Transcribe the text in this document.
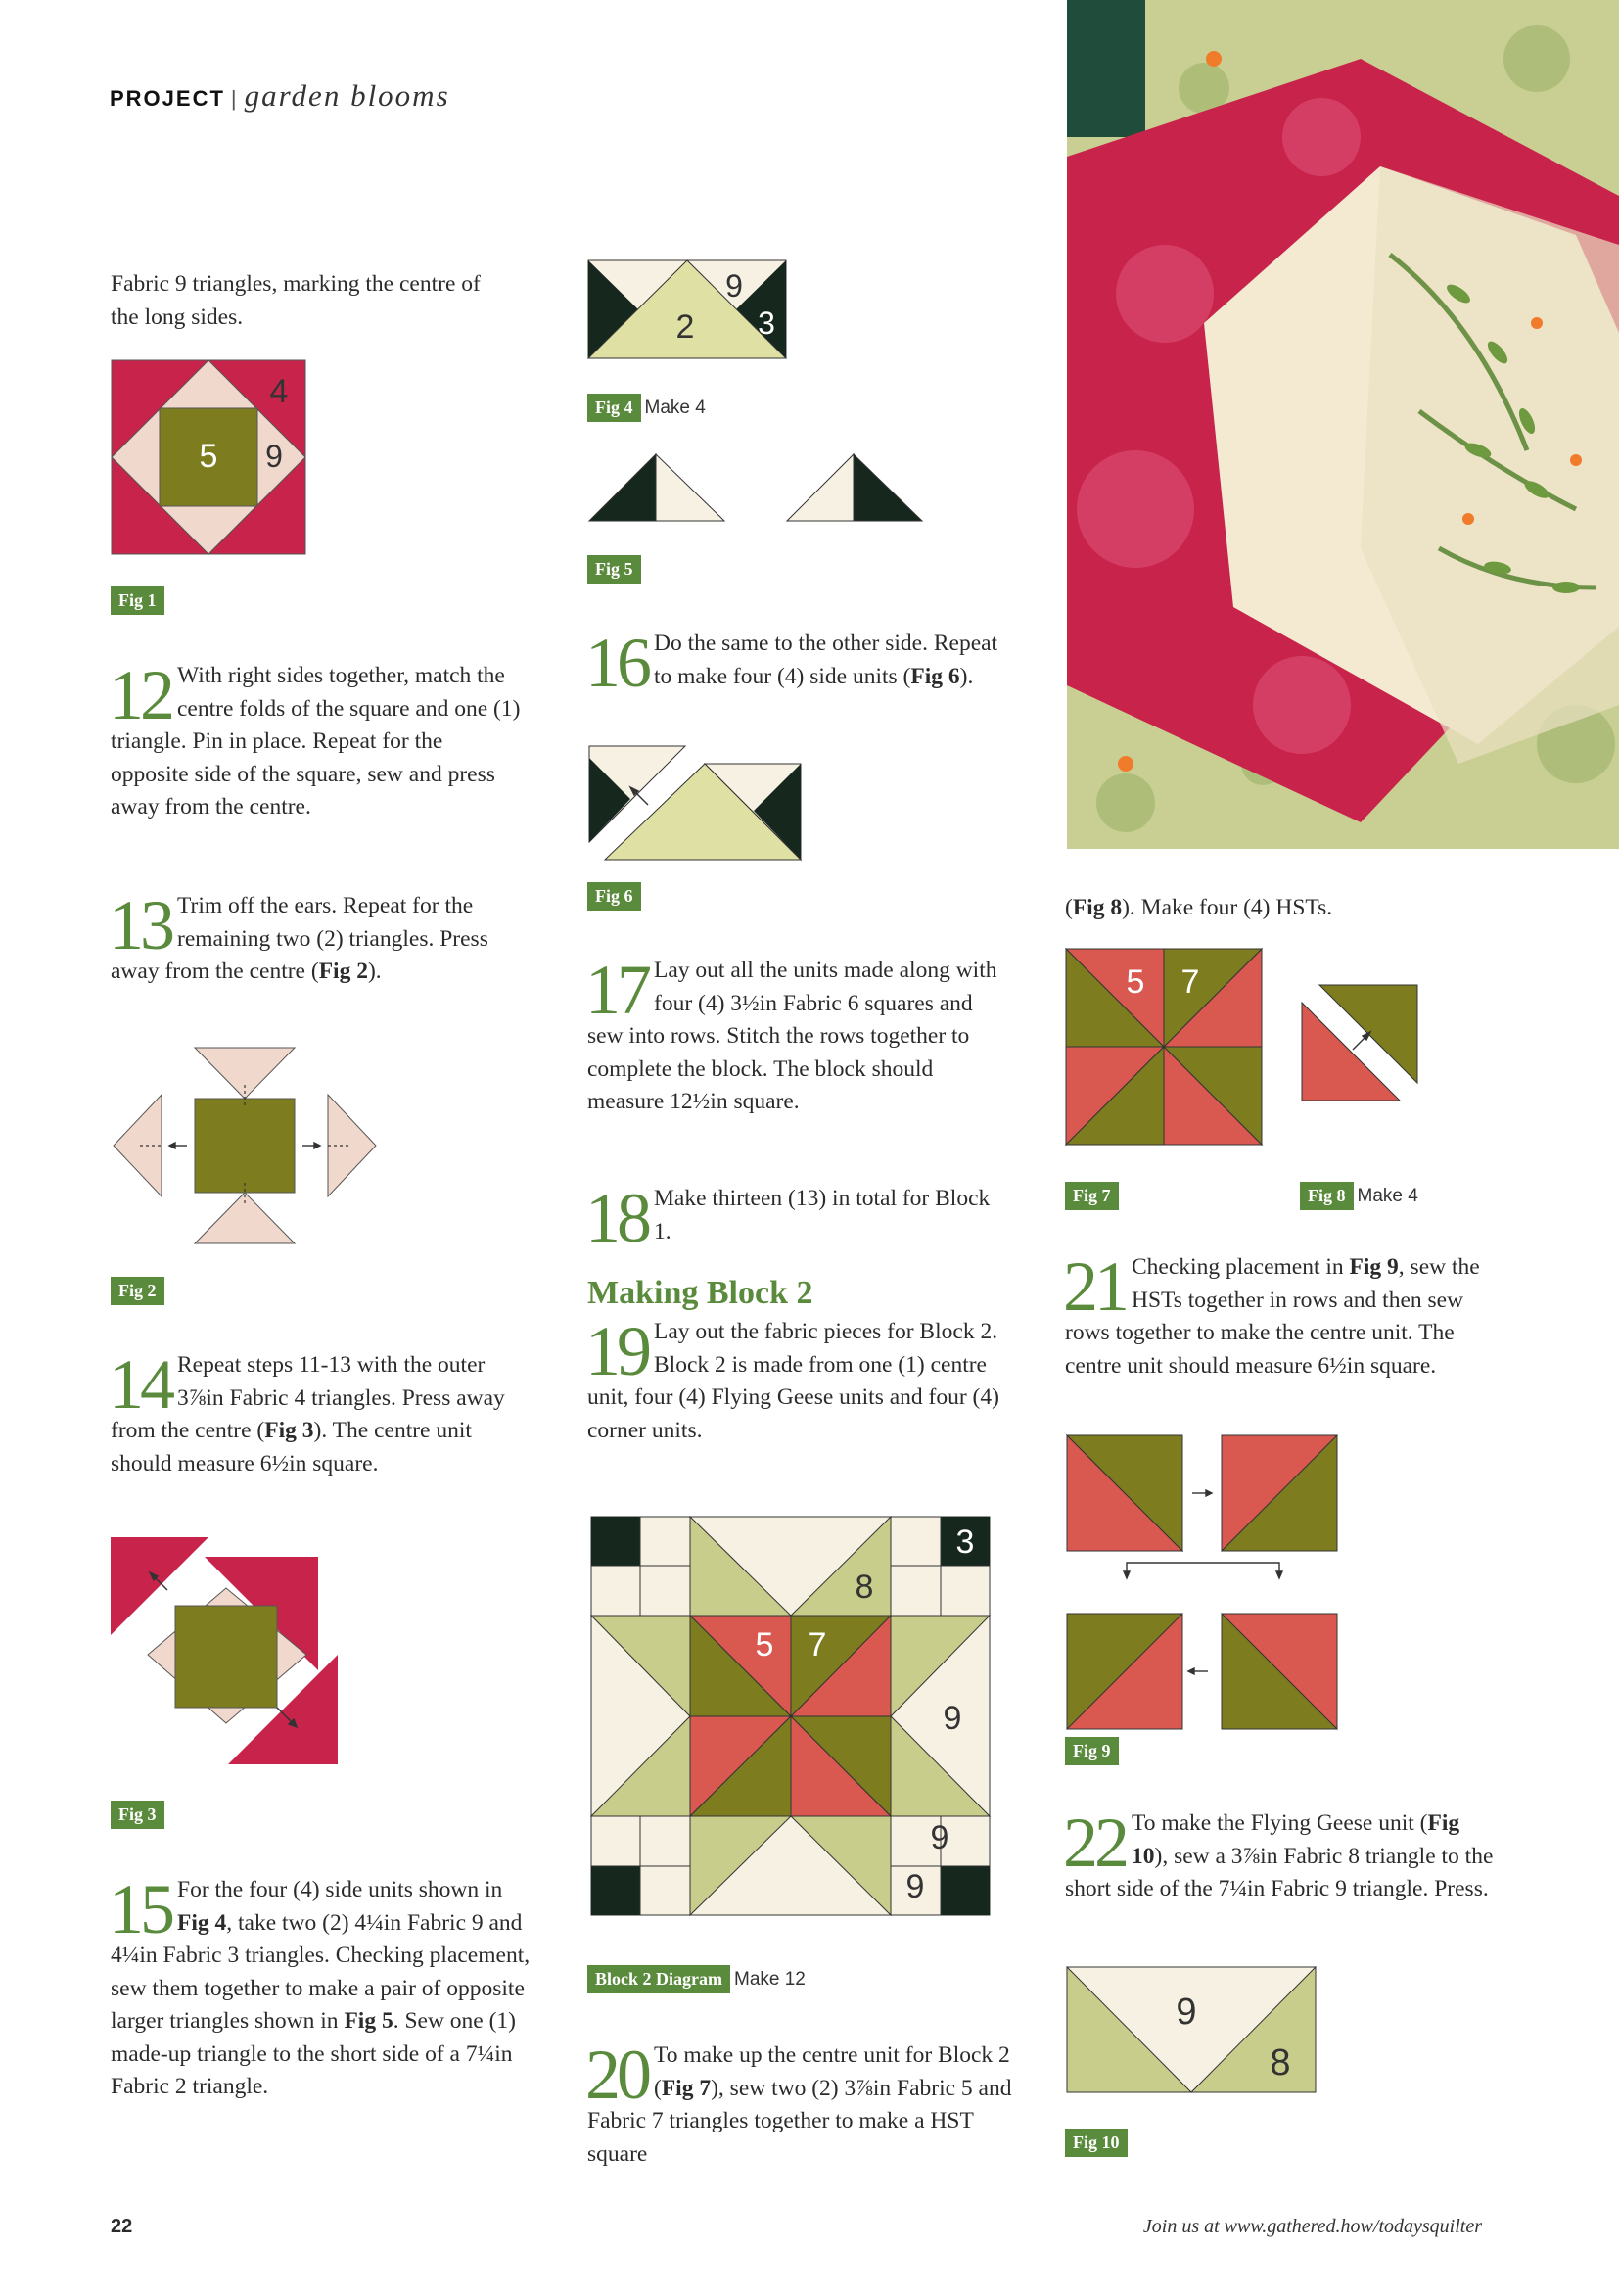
PROJECT | garden blooms
Fabric 9 triangles, marking the centre of the long sides.
5 9
4
Fig 1
12 With right sides together, match the centre folds of the square and one (1) triangle. Pin in place. Repeat for the opposite side of the square, sew and press away from the centre.
13 Trim off the ears. Repeat for the remaining two (2) triangles. Press away from the centre (Fig 2).
Fig 2
14 Repeat steps 11-13 with the outer 3⅞in Fabric 4 triangles. Press away from the centre (Fig 3). The centre unit should measure 6½in square.
Fig 3
15 For the four (4) side units shown in Fig 4, take two (2) 4¼in Fabric 9 and 4¼in Fabric 3 triangles. Checking placement, sew them together to make a pair of opposite larger triangles shown in Fig 5. Sew one (1) made-up triangle to the short side of a 7¼in Fabric 2 triangle.
2
9
3
Fig 4 Make 4
Fig 5
16 Do the same to the other side. Repeat to make four (4) side units (Fig 6).
Fig 6
17 Lay out all the units made along with four (4) 3½in Fabric 6 squares and sew into rows. Stitch the rows together to complete the block. The block should measure 12½in square.
18 Make thirteen (13) in total for Block 1.
Making Block 2
19 Lay out the fabric pieces for Block 2. Block 2 is made from one (1) centre unit, four (4) Flying Geese units and four (4) corner units.
3
8
5 7
9
9
9
Block 2 Diagram Make 12
20 To make up the centre unit for Block 2 (Fig 7), sew two (2) 3⅞in Fabric 5 and Fabric 7 triangles together to make a HST square
(Fig 8). Make four (4) HSTs.
5 7
Fig 7	Fig 8 Make 4
21 Checking placement in Fig 9, sew the HSTs together in rows and then sew rows together to make the centre unit. The centre unit should measure 6½in square.
Fig 9
22 To make the Flying Geese unit (Fig 10), sew a 3⅞in Fabric 8 triangle to the short side of the 7¼in Fabric 9 triangle. Press.
9
8
Fig 10
22	Join us at www.gathered.how/todaysquilter
